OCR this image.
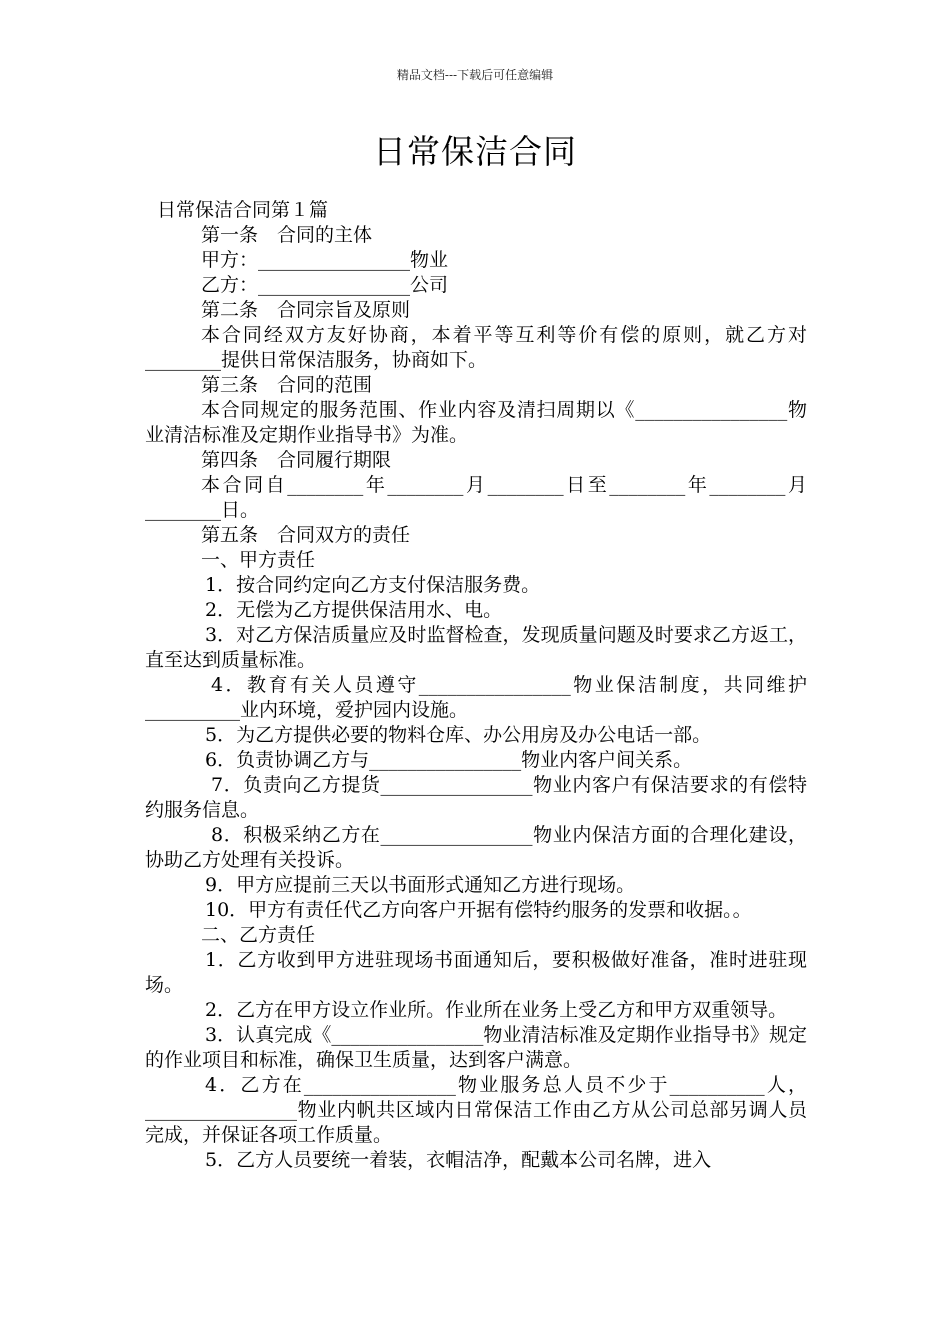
精品文档---下载后可任意编辑
日常保洁合同

日常保洁合同第１篇

第一条　合同的主体

甲方：________________物业

乙方：________________公司

第二条　合同宗旨及原则

本合同经双方友好协商，本着平等互利等价有偿的原则，就乙方对________提供日常保洁服务，协商如下。

第三条　合同的范围

本合同规定的服务范围、作业内容及清扫周期以《________________物业清洁标准及定期作业指导书》为准。

第四条　合同履行期限

本合同自________年________月________日至________年________月________日。

第五条　合同双方的责任

一、甲方责任

1．按合同约定向乙方支付保洁服务费。

2．无偿为乙方提供保洁用水、电。

3．对乙方保洁质量应及时监督检查，发现质量问题及时要求乙方返工，直至达到质量标准。

4．教育有关人员遵守________________物业保洁制度，共同维护__________业内环境，爱护园内设施。

5．为乙方提供必要的物料仓库、办公用房及办公电话一部。

6．负责协调乙方与________________物业内客户间关系。

7．负责向乙方提货________________物业内客户有保洁要求的有偿特约服务信息。

8．积极采纳乙方在________________物业内保洁方面的合理化建设，协助乙方处理有关投诉。

9．甲方应提前三天以书面形式通知乙方进行现场。

10．甲方有责任代乙方向客户开据有偿特约服务的发票和收据。。

二、乙方责任

1．乙方收到甲方进驻现场书面通知后，要积极做好准备，准时进驻现场。

2．乙方在甲方设立作业所。作业所在业务上受乙方和甲方双重领导。

3．认真完成《________________物业清洁标准及定期作业指导书》规定的作业项目和标准，确保卫生质量，达到客户满意。

4．乙方在________________物业服务总人员不少于__________人，________________物业内帆共区域内日常保洁工作由乙方从公司总部另调人员完成，并保证各项工作质量。

5．乙方人员要统一着装，衣帽洁净，配戴本公司名牌，进入
